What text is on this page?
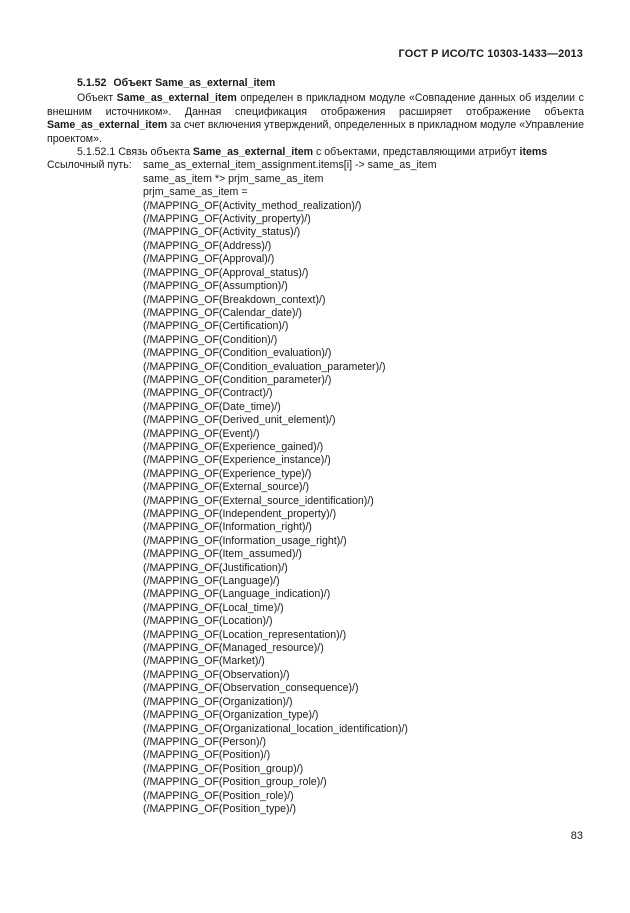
ГОСТ Р ИСО/ТС 10303-1433—2013
5.1.52 Объект Same_as_external_item
Объект Same_as_external_item определен в прикладном модуле «Совпадение данных об изделии с внешним источником». Данная спецификация отображения расширяет отображение объекта Same_as_external_item за счет включения утверждений, определенных в прикладном модуле «Управление проектом».
5.1.52.1 Связь объекта Same_as_external_item с объектами, представляющими атрибут items
Ссылочный путь: same_as_external_item_assignment.items[i] -> same_as_item
same_as_item *> prjm_same_as_item
prjm_same_as_item =
(/MAPPING_OF(Activity_method_realization)/)
(/MAPPING_OF(Activity_property)/)
(/MAPPING_OF(Activity_status)/)
(/MAPPING_OF(Address)/)
(/MAPPING_OF(Approval)/)
(/MAPPING_OF(Approval_status)/)
(/MAPPING_OF(Assumption)/)
(/MAPPING_OF(Breakdown_context)/)
(/MAPPING_OF(Calendar_date)/)
(/MAPPING_OF(Certification)/)
(/MAPPING_OF(Condition)/)
(/MAPPING_OF(Condition_evaluation)/)
(/MAPPING_OF(Condition_evaluation_parameter)/)
(/MAPPING_OF(Condition_parameter)/)
(/MAPPING_OF(Contract)/)
(/MAPPING_OF(Date_time)/)
(/MAPPING_OF(Derived_unit_element)/)
(/MAPPING_OF(Event)/)
(/MAPPING_OF(Experience_gained)/)
(/MAPPING_OF(Experience_instance)/)
(/MAPPING_OF(Experience_type)/)
(/MAPPING_OF(External_source)/)
(/MAPPING_OF(External_source_identification)/)
(/MAPPING_OF(Independent_property)/)
(/MAPPING_OF(Information_right)/)
(/MAPPING_OF(Information_usage_right)/)
(/MAPPING_OF(Item_assumed)/)
(/MAPPING_OF(Justification)/)
(/MAPPING_OF(Language)/)
(/MAPPING_OF(Language_indication)/)
(/MAPPING_OF(Local_time)/)
(/MAPPING_OF(Location)/)
(/MAPPING_OF(Location_representation)/)
(/MAPPING_OF(Managed_resource)/)
(/MAPPING_OF(Market)/)
(/MAPPING_OF(Observation)/)
(/MAPPING_OF(Observation_consequence)/)
(/MAPPING_OF(Organization)/)
(/MAPPING_OF(Organization_type)/)
(/MAPPING_OF(Organizational_location_identification)/)
(/MAPPING_OF(Person)/)
(/MAPPING_OF(Position)/)
(/MAPPING_OF(Position_group)/)
(/MAPPING_OF(Position_group_role)/)
(/MAPPING_OF(Position_role)/)
(/MAPPING_OF(Position_type)/)
83
